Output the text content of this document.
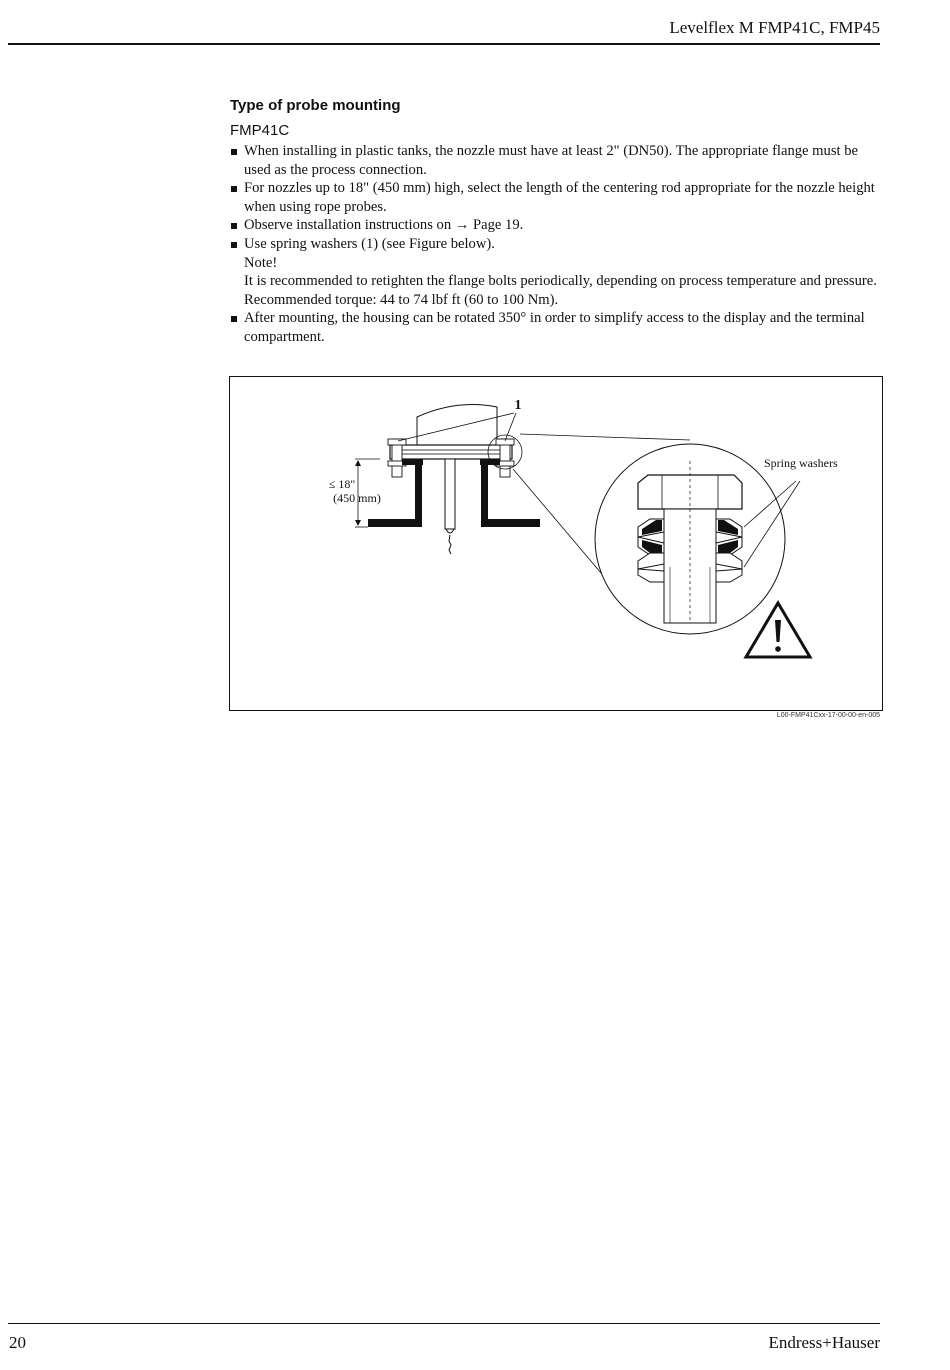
Levelflex M FMP41C, FMP45
Type of probe mounting
FMP41C
When installing in plastic tanks, the nozzle must have at least 2" (DN50). The appropriate flange must be
used as the process connection.
For nozzles up to 18" (450 mm) high, select the length of the centering rod appropriate for the nozzle height
when using rope probes.
Observe installation instructions on → Page 19.
Use spring washers (1) (see Figure below).
Note!
It is recommended to retighten the flange bolts periodically, depending on process temperature and pressure.
Recommended torque: 44 to 74 lbf ft (60 to 100 Nm).
After mounting, the housing can be rotated 350° in order to simplify access to the display and the terminal
compartment.
≤ 18"
(450 mm)
1
Spring washers
L00-FMP41Cxx-17-00-00-en-005
20	Endress+Hauser
